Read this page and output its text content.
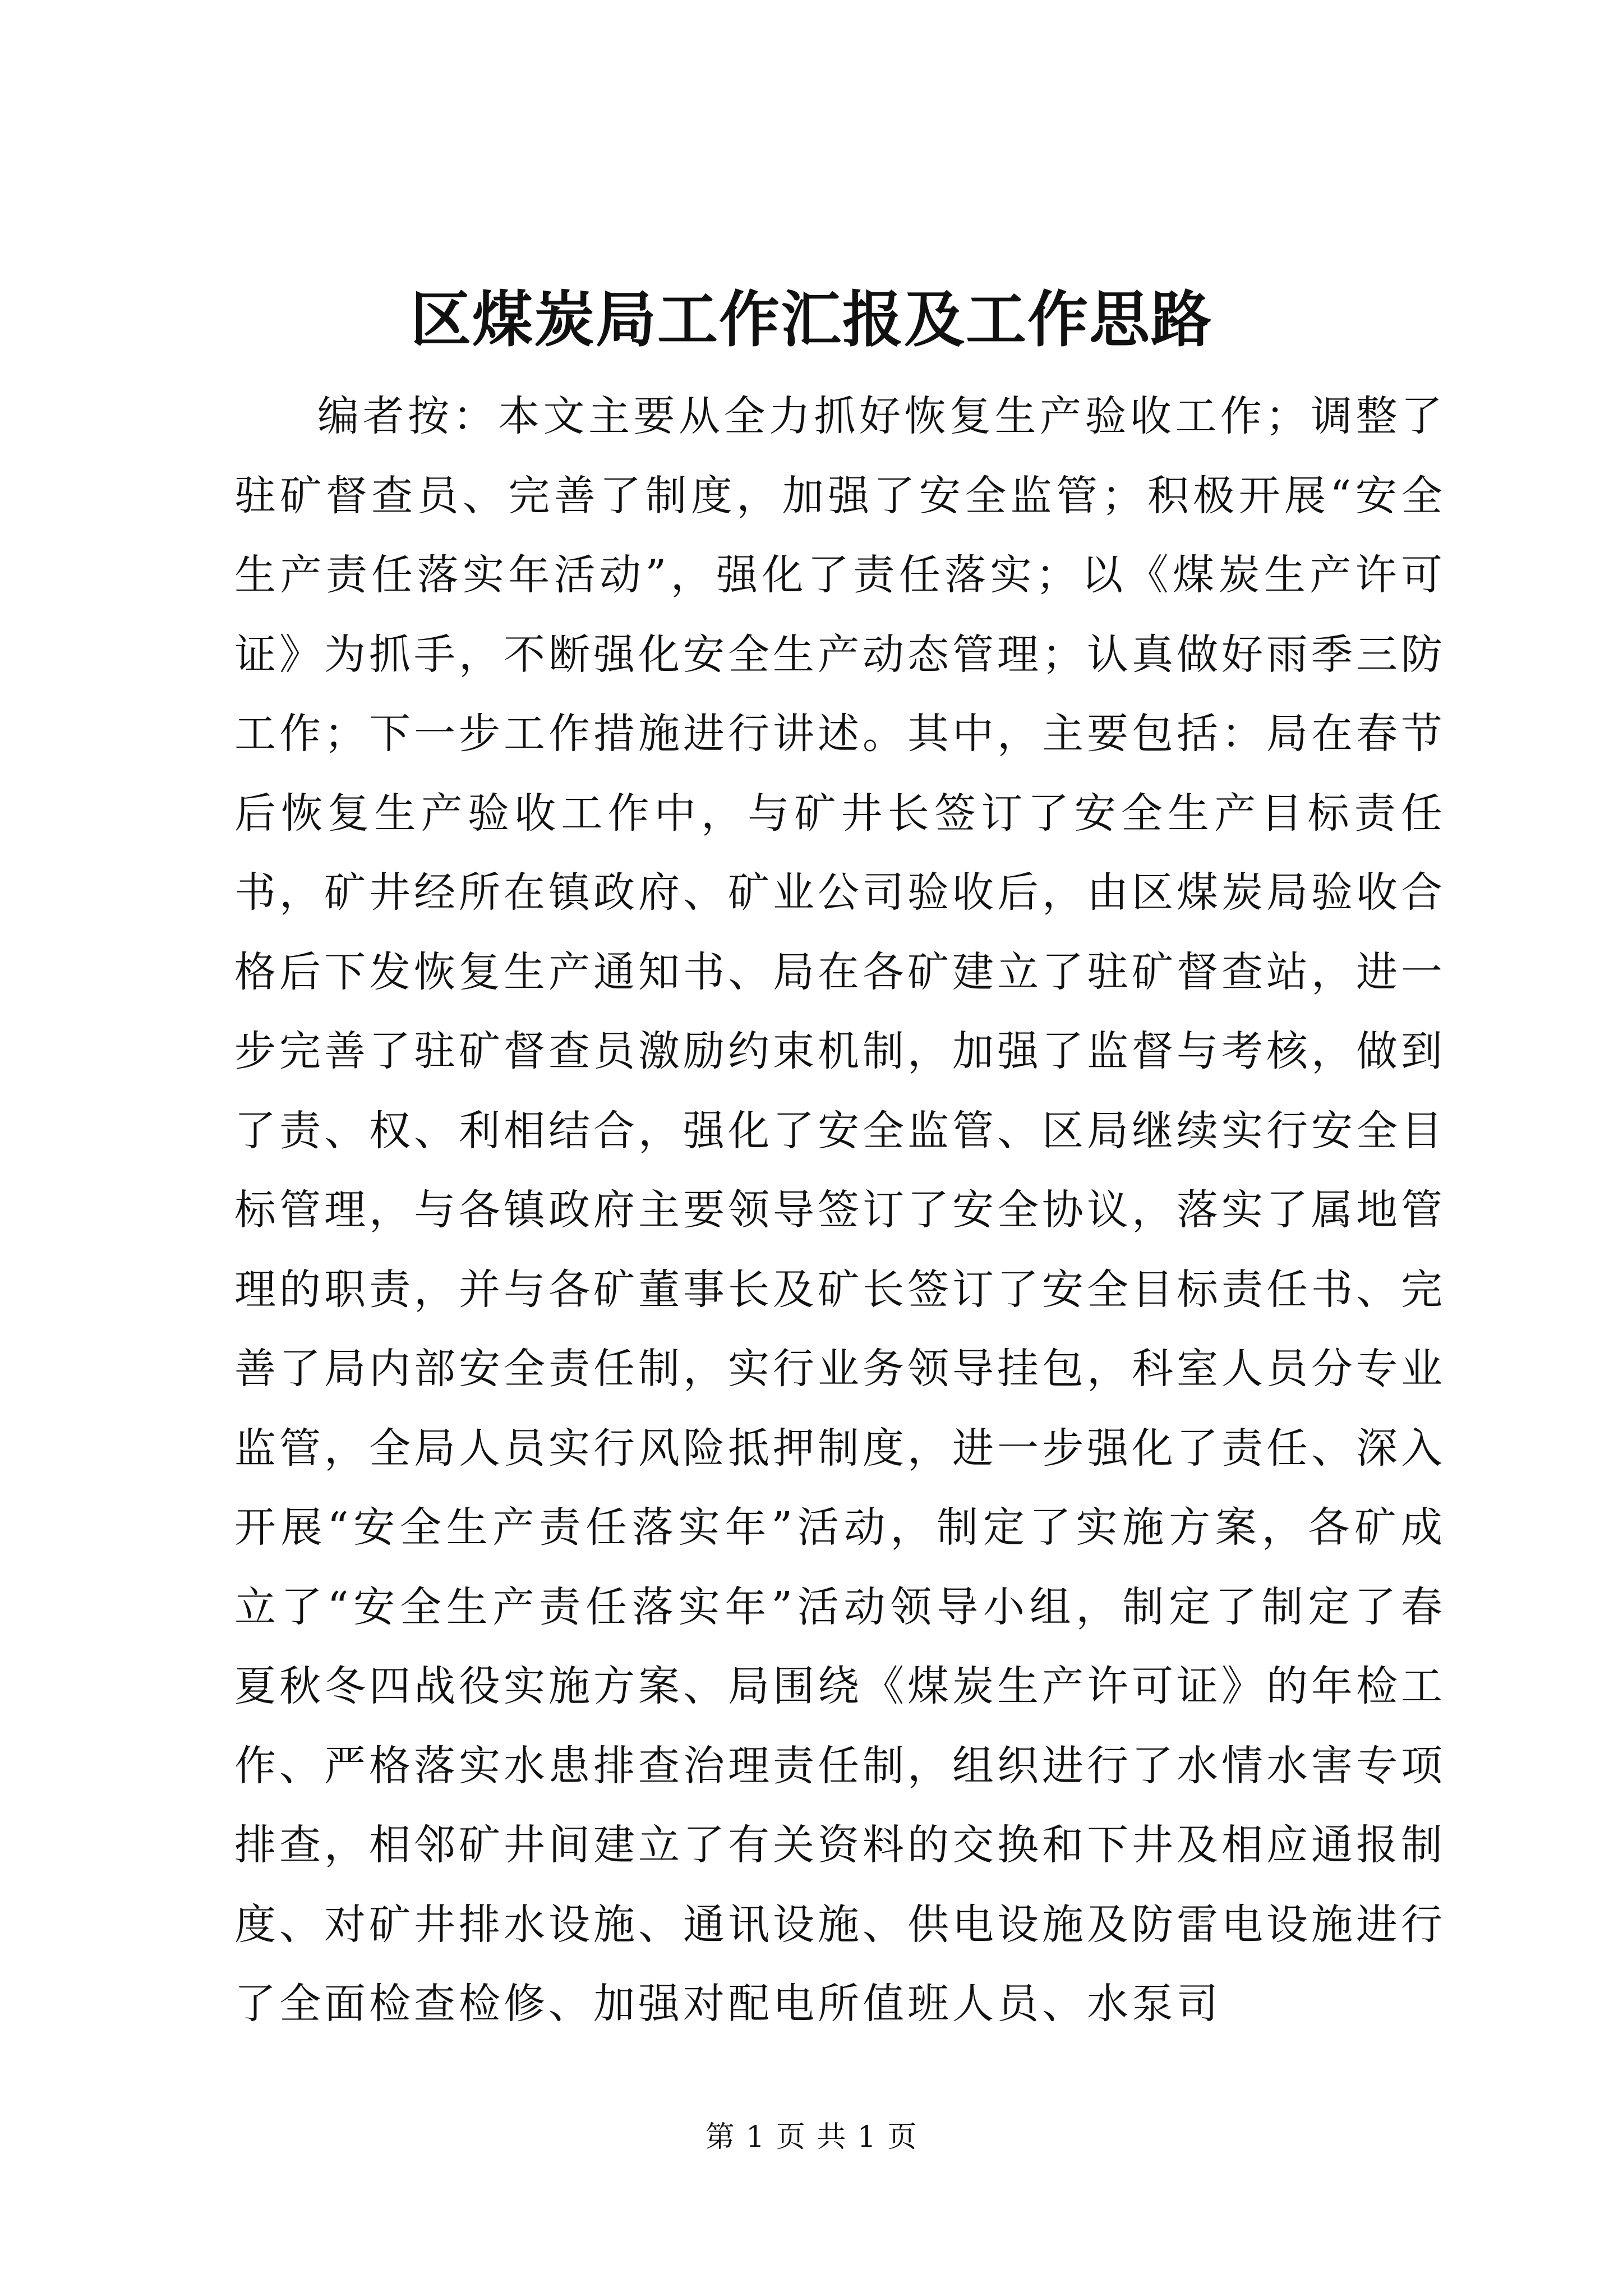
区煤炭局工作汇报及工作思路

编者按：本文主要从全力抓好恢复生产验收工作；调整了驻矿督查员、完善了制度，加强了安全监管；积极开展“安全生产责任落实年活动”，强化了责任落实；以《煤炭生产许可证》为抓手，不断强化安全生产动态管理；认真做好雨季三防工作；下一步工作措施进行讲述。其中，主要包括：局在春节后恢复生产验收工作中，与矿井长签订了安全生产目标责任书，矿井经所在镇政府、矿业公司验收后，由区煤炭局验收合格后下发恢复生产通知书、局在各矿建立了驻矿督查站，进一步完善了驻矿督查员激励约束机制，加强了监督与考核，做到了责、权、利相结合，强化了安全监管、区局继续实行安全目标管理，与各镇政府主要领导签订了安全协议，落实了属地管理的职责，并与各矿董事长及矿长签订了安全目标责任书、完善了局内部安全责任制，实行业务领导挂包，科室人员分专业监管，全局人员实行风险抵押制度，进一步强化了责任、深入开展“安全生产责任落实年”活动，制定了实施方案，各矿成立了“安全生产责任落实年”活动领导小组，制定了制定了春夏秋冬四战役实施方案、局围绕《煤炭生产许可证》的年检工作、严格落实水患排查治理责任制，组织进行了水情水害专项排查，相邻矿井间建立了有关资料的交换和下井及相应通报制度、对矿井排水设施、通讯设施、供电设施及防雷电设施进行了全面检查检修、加强对配电所值班人员、水泵司

第 1 页 共 1 页
